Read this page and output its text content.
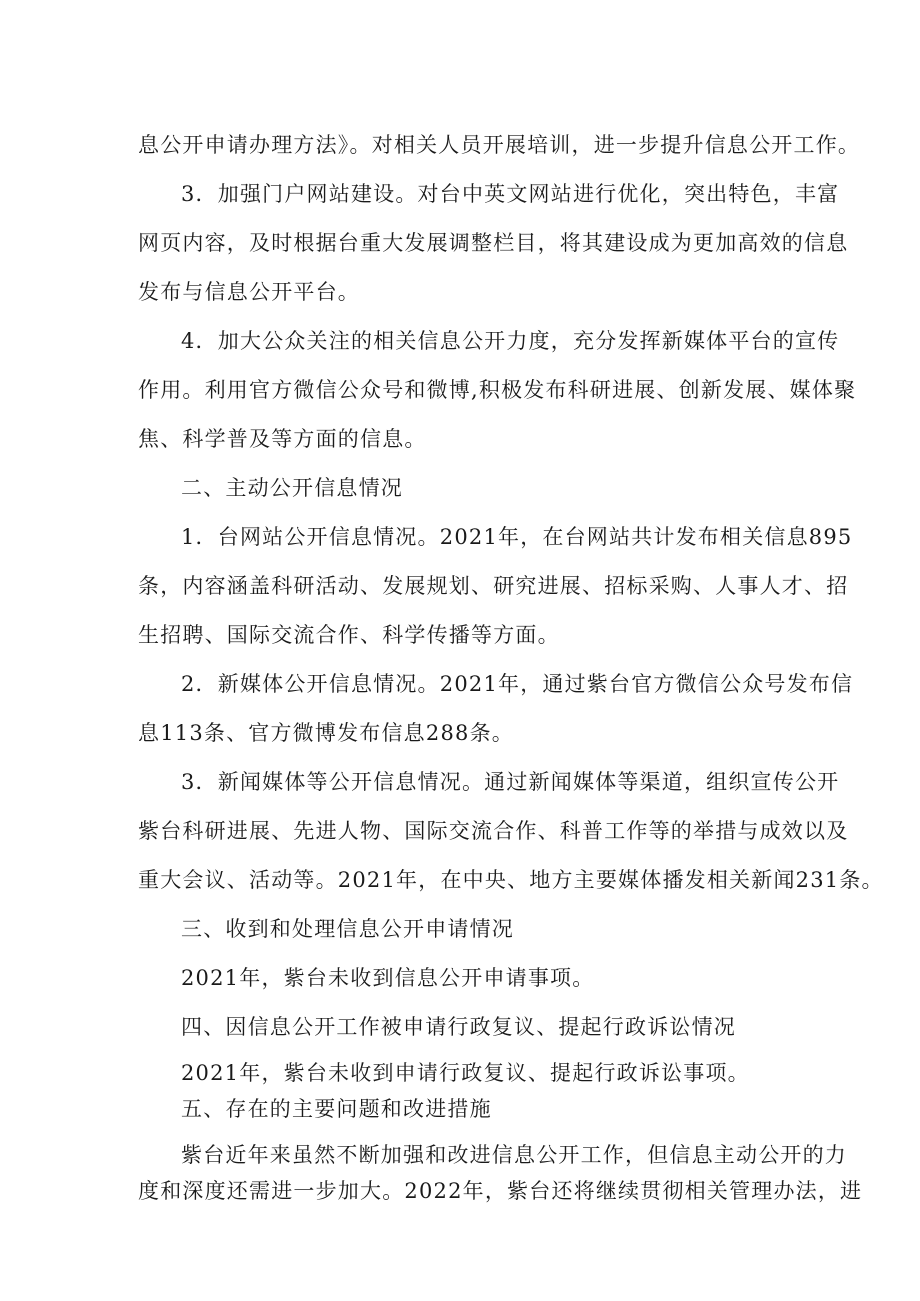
息公开申请办理方法》。对相关人员开展培训，进一步提升信息公开工作。
3．加强门户网站建设。对台中英文网站进行优化，突出特色，丰富
网页内容，及时根据台重大发展调整栏目，将其建设成为更加高效的信息
发布与信息公开平台。
4．加大公众关注的相关信息公开力度，充分发挥新媒体平台的宣传
作用。利用官方微信公众号和微博,积极发布科研进展、创新发展、媒体聚
焦、科学普及等方面的信息。
二、主动公开信息情况
1．台网站公开信息情况。2021年，在台网站共计发布相关信息895
条，内容涵盖科研活动、发展规划、研究进展、招标采购、人事人才、招
生招聘、国际交流合作、科学传播等方面。
2．新媒体公开信息情况。2021年，通过紫台官方微信公众号发布信
息113条、官方微博发布信息288条。
3．新闻媒体等公开信息情况。通过新闻媒体等渠道，组织宣传公开
紫台科研进展、先进人物、国际交流合作、科普工作等的举措与成效以及
重大会议、活动等。2021年，在中央、地方主要媒体播发相关新闻231条。
三、收到和处理信息公开申请情况
2021年，紫台未收到信息公开申请事项。
四、因信息公开工作被申请行政复议、提起行政诉讼情况
2021年，紫台未收到申请行政复议、提起行政诉讼事项。
五、存在的主要问题和改进措施
紫台近年来虽然不断加强和改进信息公开工作，但信息主动公开的力
度和深度还需进一步加大。2022年，紫台还将继续贯彻相关管理办法，进
